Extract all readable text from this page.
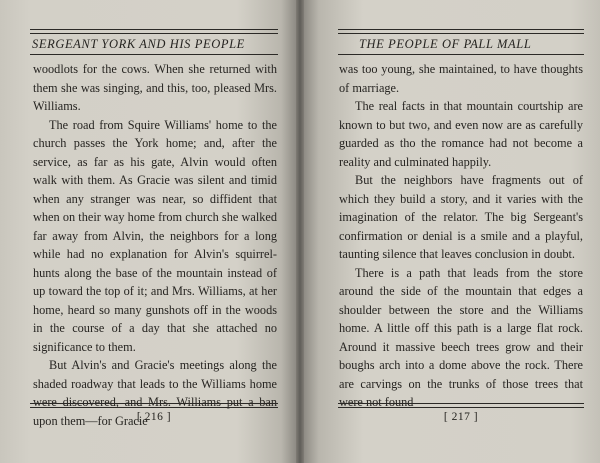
SERGEANT YORK AND HIS PEOPLE

woodlots for the cows. When she returned with them she was singing, and this, too, pleased Mrs. Williams.

The road from Squire Williams' home to the church passes the York home; and, after the service, as far as his gate, Alvin would often walk with them. As Gracie was silent and timid when any stranger was near, so diffident that when on their way home from church she walked far away from Alvin, the neighbors for a long while had no explanation for Alvin's squirrel-hunts along the base of the mountain instead of up toward the top of it; and Mrs. Williams, at her home, heard so many gunshots off in the woods in the course of a day that she attached no significance to them.

But Alvin's and Gracie's meetings along the shaded roadway that leads to the Williams home were discovered, and Mrs. Williams put a ban upon them—for Gracie

[ 216 ]
THE PEOPLE OF PALL MALL

was too young, she maintained, to have thoughts of marriage.

The real facts in that mountain courtship are known to but two, and even now are as carefully guarded as tho the romance had not become a reality and culminated happily.

But the neighbors have fragments out of which they build a story, and it varies with the imagination of the relator. The big Sergeant's confirmation or denial is a smile and a playful, taunting silence that leaves conclusion in doubt.

There is a path that leads from the store around the side of the mountain that edges a shoulder between the store and the Williams home. A little off this path is a large flat rock. Around it massive beech trees grow and their boughs arch into a dome above the rock. There are carvings on the trunks of those trees that were not found

[ 217 ]
